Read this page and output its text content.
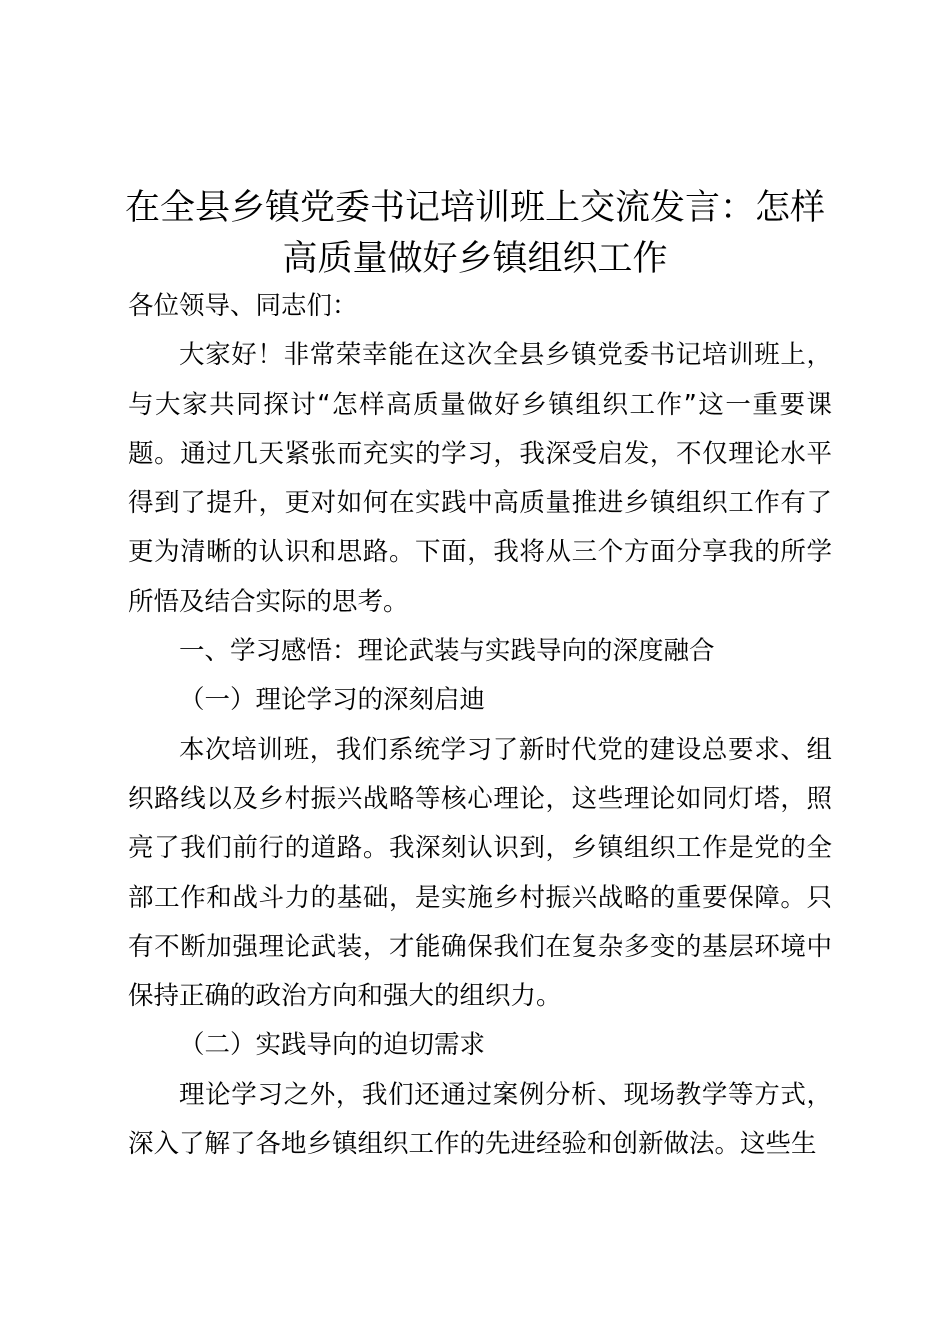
在全县乡镇党委书记培训班上交流发言：怎样
高质量做好乡镇组织工作

各位领导、同志们：

大家好！非常荣幸能在这次全县乡镇党委书记培训班上，与大家共同探讨“怎样高质量做好乡镇组织工作”这一重要课题。通过几天紧张而充实的学习，我深受启发，不仅理论水平得到了提升，更对如何在实践中高质量推进乡镇组织工作有了更为清晰的认识和思路。下面，我将从三个方面分享我的所学所悟及结合实际的思考。

一、学习感悟：理论武装与实践导向的深度融合

（一）理论学习的深刻启迪

本次培训班，我们系统学习了新时代党的建设总要求、组织路线以及乡村振兴战略等核心理论，这些理论如同灯塔，照亮了我们前行的道路。我深刻认识到，乡镇组织工作是党的全部工作和战斗力的基础，是实施乡村振兴战略的重要保障。只有不断加强理论武装，才能确保我们在复杂多变的基层环境中保持正确的政治方向和强大的组织力。

（二）实践导向的迫切需求

理论学习之外，我们还通过案例分析、现场教学等方式，深入了解了各地乡镇组织工作的先进经验和创新做法。这些生
